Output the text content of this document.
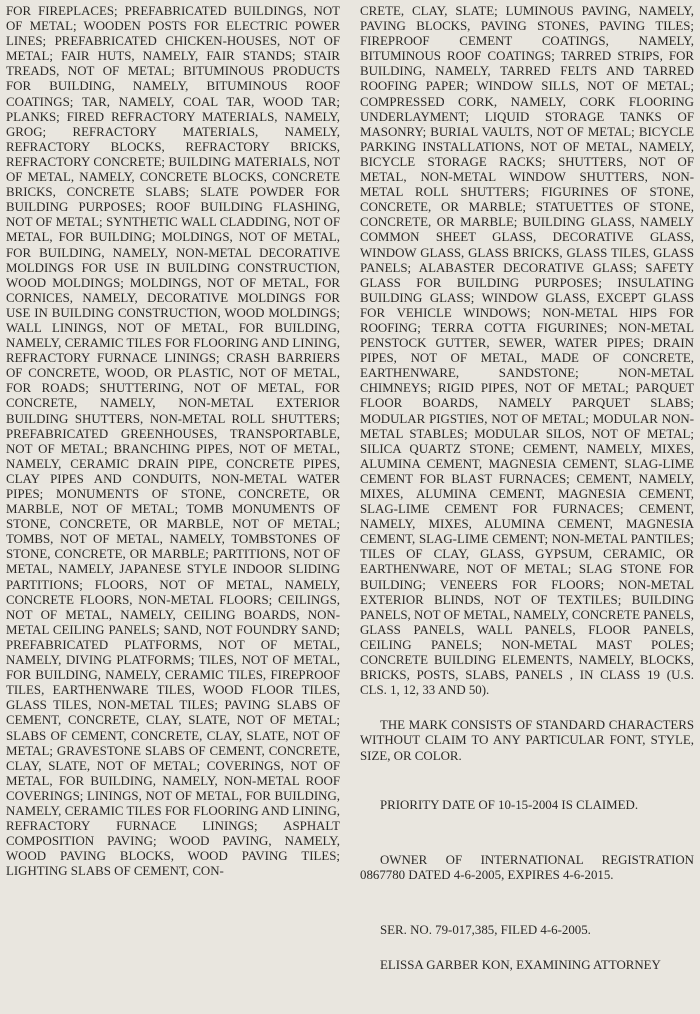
FOR FIREPLACES; PREFABRICATED BUILDINGS, NOT OF METAL; WOODEN POSTS FOR ELECTRIC POWER LINES; PREFABRICATED CHICKEN-HOUSES, NOT OF METAL; FAIR HUTS, NAMELY, FAIR STANDS; STAIR TREADS, NOT OF METAL; BITUMINOUS PRODUCTS FOR BUILDING, NAMELY, BITUMINOUS ROOF COATINGS; TAR, NAMELY, COAL TAR, WOOD TAR; PLANKS; FIRED REFRACTORY MATERIALS, NAMELY, GROG; REFRACTORY MATERIALS, NAMELY, REFRACTORY BLOCKS, REFRACTORY BRICKS, REFRACTORY CONCRETE; BUILDING MATERIALS, NOT OF METAL, NAMELY, CONCRETE BLOCKS, CONCRETE BRICKS, CONCRETE SLABS; SLATE POWDER FOR BUILDING PURPOSES; ROOF BUILDING FLASHING, NOT OF METAL; SYNTHETIC WALL CLADDING, NOT OF METAL, FOR BUILDING; MOLDINGS, NOT OF METAL, FOR BUILDING, NAMELY, NON-METAL DECORATIVE MOLDINGS FOR USE IN BUILDING CONSTRUCTION, WOOD MOLDINGS; MOLDINGS, NOT OF METAL, FOR CORNICES, NAMELY, DECORATIVE MOLDINGS FOR USE IN BUILDING CONSTRUCTION, WOOD MOLDINGS; WALL LININGS, NOT OF METAL, FOR BUILDING, NAMELY, CERAMIC TILES FOR FLOORING AND LINING, REFRACTORY FURNACE LININGS; CRASH BARRIERS OF CONCRETE, WOOD, OR PLASTIC, NOT OF METAL, FOR ROADS; SHUTTERING, NOT OF METAL, FOR CONCRETE, NAMELY, NON-METAL EXTERIOR BUILDING SHUTTERS, NON-METAL ROLL SHUTTERS; PREFABRICATED GREENHOUSES, TRANSPORTABLE, NOT OF METAL; BRANCHING PIPES, NOT OF METAL, NAMELY, CERAMIC DRAIN PIPE, CONCRETE PIPES, CLAY PIPES AND CONDUITS, NON-METAL WATER PIPES; MONUMENTS OF STONE, CONCRETE, OR MARBLE, NOT OF METAL; TOMB MONUMENTS OF STONE, CONCRETE, OR MARBLE, NOT OF METAL; TOMBS, NOT OF METAL, NAMELY, TOMBSTONES OF STONE, CONCRETE, OR MARBLE; PARTITIONS, NOT OF METAL, NAMELY, JAPANESE STYLE INDOOR SLIDING PARTITIONS; FLOORS, NOT OF METAL, NAMELY, CONCRETE FLOORS, NON-METAL FLOORS; CEILINGS, NOT OF METAL, NAMELY, CEILING BOARDS, NON-METAL CEILING PANELS; SAND, NOT FOUNDRY SAND; PREFABRICATED PLATFORMS, NOT OF METAL, NAMELY, DIVING PLATFORMS; TILES, NOT OF METAL, FOR BUILDING, NAMELY, CERAMIC TILES, FIREPROOF TILES, EARTHENWARE TILES, WOOD FLOOR TILES, GLASS TILES, NON-METAL TILES; PAVING SLABS OF CEMENT, CONCRETE, CLAY, SLATE, NOT OF METAL; SLABS OF CEMENT, CONCRETE, CLAY, SLATE, NOT OF METAL; GRAVESTONE SLABS OF CEMENT, CONCRETE, CLAY, SLATE, NOT OF METAL; COVERINGS, NOT OF METAL, FOR BUILDING, NAMELY, NON-METAL ROOF COVERINGS; LININGS, NOT OF METAL, FOR BUILDING, NAMELY, CERAMIC TILES FOR FLOORING AND LINING, REFRACTORY FURNACE LININGS; ASPHALT COMPOSITION PAVING; WOOD PAVING, NAMELY, WOOD PAVING BLOCKS, WOOD PAVING TILES; LIGHTING SLABS OF CEMENT, CON-

CRETE, CLAY, SLATE; LUMINOUS PAVING, NAMELY, PAVING BLOCKS, PAVING STONES, PAVING TILES; FIREPROOF CEMENT COATINGS, NAMELY, BITUMINOUS ROOF COATINGS; TARRED STRIPS, FOR BUILDING, NAMELY, TARRED FELTS AND TARRED ROOFING PAPER; WINDOW SILLS, NOT OF METAL; COMPRESSED CORK, NAMELY, CORK FLOORING UNDERLAYMENT; LIQUID STORAGE TANKS OF MASONRY; BURIAL VAULTS, NOT OF METAL; BICYCLE PARKING INSTALLATIONS, NOT OF METAL, NAMELY, BICYCLE STORAGE RACKS; SHUTTERS, NOT OF METAL, NON-METAL WINDOW SHUTTERS, NON-METAL ROLL SHUTTERS; FIGURINES OF STONE, CONCRETE, OR MARBLE; STATUETTES OF STONE, CONCRETE, OR MARBLE; BUILDING GLASS, NAMELY COMMON SHEET GLASS, DECORATIVE GLASS, WINDOW GLASS, GLASS BRICKS, GLASS TILES, GLASS PANELS; ALABASTER DECORATIVE GLASS; SAFETY GLASS FOR BUILDING PURPOSES; INSULATING BUILDING GLASS; WINDOW GLASS, EXCEPT GLASS FOR VEHICLE WINDOWS; NON-METAL HIPS FOR ROOFING; TERRA COTTA FIGURINES; NON-METAL PENSTOCK GUTTER, SEWER, WATER PIPES; DRAIN PIPES, NOT OF METAL, MADE OF CONCRETE, EARTHENWARE, SANDSTONE; NON-METAL CHIMNEYS; RIGID PIPES, NOT OF METAL; PARQUET FLOOR BOARDS, NAMELY PARQUET SLABS; MODULAR PIGSTIES, NOT OF METAL; MODULAR NON-METAL STABLES; MODULAR SILOS, NOT OF METAL; SILICA QUARTZ STONE; CEMENT, NAMELY, MIXES, ALUMINA CEMENT, MAGNESIA CEMENT, SLAG-LIME CEMENT FOR BLAST FURNACES; CEMENT, NAMELY, MIXES, ALUMINA CEMENT, MAGNESIA CEMENT, SLAG-LIME CEMENT FOR FURNACES; CEMENT, NAMELY, MIXES, ALUMINA CEMENT, MAGNESIA CEMENT, SLAG-LIME CEMENT; NON-METAL PANTILES; TILES OF CLAY, GLASS, GYPSUM, CERAMIC, OR EARTHENWARE, NOT OF METAL; SLAG STONE FOR BUILDING; VENEERS FOR FLOORS; NON-METAL EXTERIOR BLINDS, NOT OF TEXTILES; BUILDING PANELS, NOT OF METAL, NAMELY, CONCRETE PANELS, GLASS PANELS, WALL PANELS, FLOOR PANELS, CEILING PANELS; NON-METAL MAST POLES; CONCRETE BUILDING ELEMENTS, NAMELY, BLOCKS, BRICKS, POSTS, SLABS, PANELS , IN CLASS 19 (U.S. CLS. 1, 12, 33 AND 50).

THE MARK CONSISTS OF STANDARD CHARACTERS WITHOUT CLAIM TO ANY PARTICULAR FONT, STYLE, SIZE, OR COLOR.

PRIORITY DATE OF 10-15-2004 IS CLAIMED.

OWNER OF INTERNATIONAL REGISTRATION 0867780 DATED 4-6-2005, EXPIRES 4-6-2015.

SER. NO. 79-017,385, FILED 4-6-2005.

ELISSA GARBER KON, EXAMINING ATTORNEY
